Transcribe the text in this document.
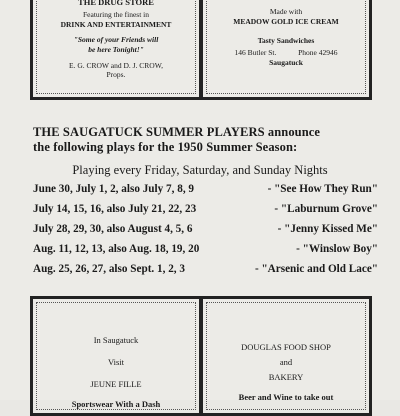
THE DRUG STORE
Featuring the finest in
DRINK AND ENTERTAINMENT
"Some of your Friends will
be here Tonight!"
E. G. CROW and D. J. CROW,
Props.
Made with
MEADOW GOLD ICE CREAM
Tasty Sandwiches
146 Butler St.	Phone 42946
Saugatuck
THE SAUGATUCK SUMMER PLAYERS announce
the following plays for the 1950 Summer Season:
Playing every Friday, Saturday, and Sunday Nights
June 30, July 1, 2, also July 7, 8, 9	- "See How They Run"
July 14, 15, 16, also July 21, 22, 23	- "Laburnum Grove"
July 28, 29, 30, also August 4, 5, 6	- "Jenny Kissed Me"
Aug. 11, 12, 13, also Aug. 18, 19, 20	- "Winslow Boy"
Aug. 25, 26, 27, also Sept. 1, 2, 3	- "Arsenic and Old Lace"
In Saugatuck
Visit
JEUNE FILLE
Sportswear With a Dash
DOUGLAS FOOD SHOP
and
BAKERY
Beer and Wine to take out
